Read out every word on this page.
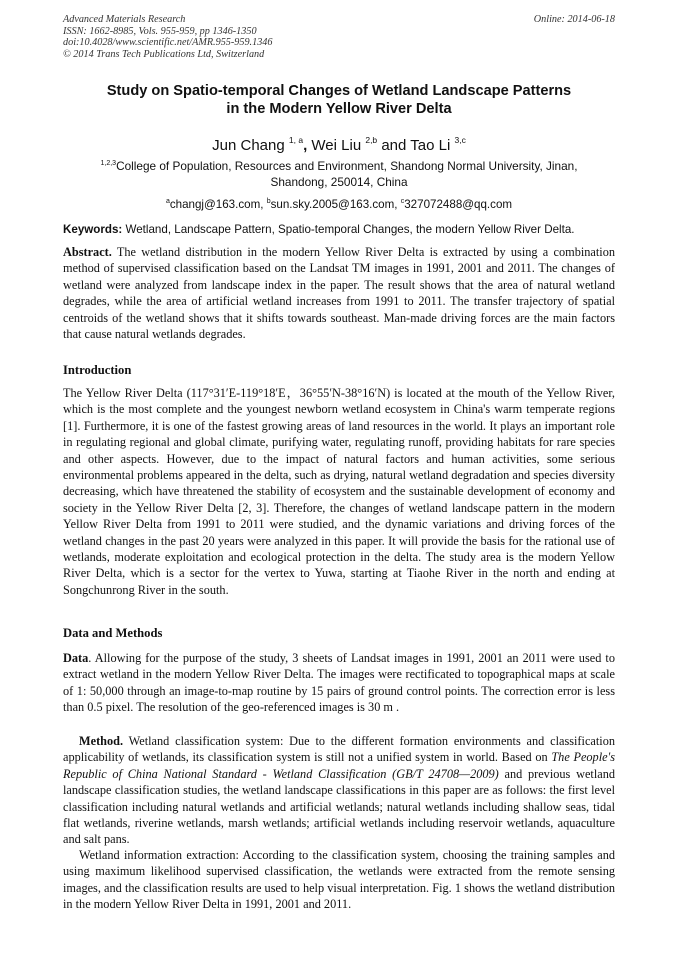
Advanced Materials Research
ISSN: 1662-8985, Vols. 955-959, pp 1346-1350
doi:10.4028/www.scientific.net/AMR.955-959.1346
© 2014 Trans Tech Publications Ltd, Switzerland
Online: 2014-06-18
Study on Spatio-temporal Changes of Wetland Landscape Patterns
in the Modern Yellow River Delta
Jun Chang $^{1, a}$, Wei Liu $^{2,b}$ and Tao Li $^{3,c}$
$^{1,2,3}$College of Population, Resources and Environment, Shandong Normal University, Jinan,
Shandong, 250014, China
$^a$changj@163.com, $^b$sun.sky.2005@163.com, $^c$327072488@qq.com
Keywords: Wetland, Landscape Pattern, Spatio-temporal Changes, the modern Yellow River Delta.
Abstract. The wetland distribution in the modern Yellow River Delta is extracted by using a combination method of supervised classification based on the Landsat TM images in 1991, 2001 and 2011. The changes of wetland were analyzed from landscape index in the paper. The result shows that the area of natural wetland degrades, while the area of artificial wetland increases from 1991 to 2011. The transfer trajectory of spatial centroids of the wetland shows that it shifts towards southeast. Man-made driving forces are the main factors that cause natural wetlands degrades.
Introduction
The Yellow River Delta (117°31′E-119°18′E，36°55′N-38°16′N) is located at the mouth of the Yellow River, which is the most complete and the youngest newborn wetland ecosystem in China's warm temperate regions [1]. Furthermore, it is one of the fastest growing areas of land resources in the world. It plays an important role in regulating regional and global climate, purifying water, regulating runoff, providing habitats for rare species and other aspects. However, due to the impact of natural factors and human activities, some serious environmental problems appeared in the delta, such as drying, natural wetland degradation and species diversity decreasing, which have threatened the stability of ecosystem and the sustainable development of economy and society in the Yellow River Delta [2, 3]. Therefore, the changes of wetland landscape pattern in the modern Yellow River Delta from 1991 to 2011 were studied, and the dynamic variations and driving forces of the wetland changes in the past 20 years were analyzed in this paper. It will provide the basis for the rational use of wetlands, moderate exploitation and ecological protection in the delta. The study area is the modern Yellow River Delta, which is a sector for the vertex to Yuwa, starting at Tiaohe River in the north and ending at Songchunrong River in the south.
Data and Methods
Data. Allowing for the purpose of the study, 3 sheets of Landsat images in 1991, 2001 an 2011 were used to extract wetland in the modern Yellow River Delta. The images were rectificated to topographical maps at scale of 1: 50,000 through an image-to-map routine by 15 pairs of ground control points. The correction error is less than 0.5 pixel. The resolution of the geo-referenced images is 30 m .
Method. Wetland classification system: Due to the different formation environments and classification applicability of wetlands, its classification system is still not a unified system in world. Based on The People's Republic of China National Standard - Wetland Classification (GB/T 24708—2009) and previous wetland landscape classification studies, the wetland landscape classifications in this paper are as follows: the first level classification including natural wetlands and artificial wetlands; natural wetlands including shallow seas, tidal flat wetlands, riverine wetlands, marsh wetlands; artificial wetlands including reservoir wetlands, aquaculture and salt pans.
Wetland information extraction: According to the classification system, choosing the training samples and using maximum likelihood supervised classification, the wetlands were extracted from the remote sensing images, and the classification results are used to help visual interpretation. Fig. 1 shows the wetland distribution in the modern Yellow River Delta in 1991, 2001 and 2011.
